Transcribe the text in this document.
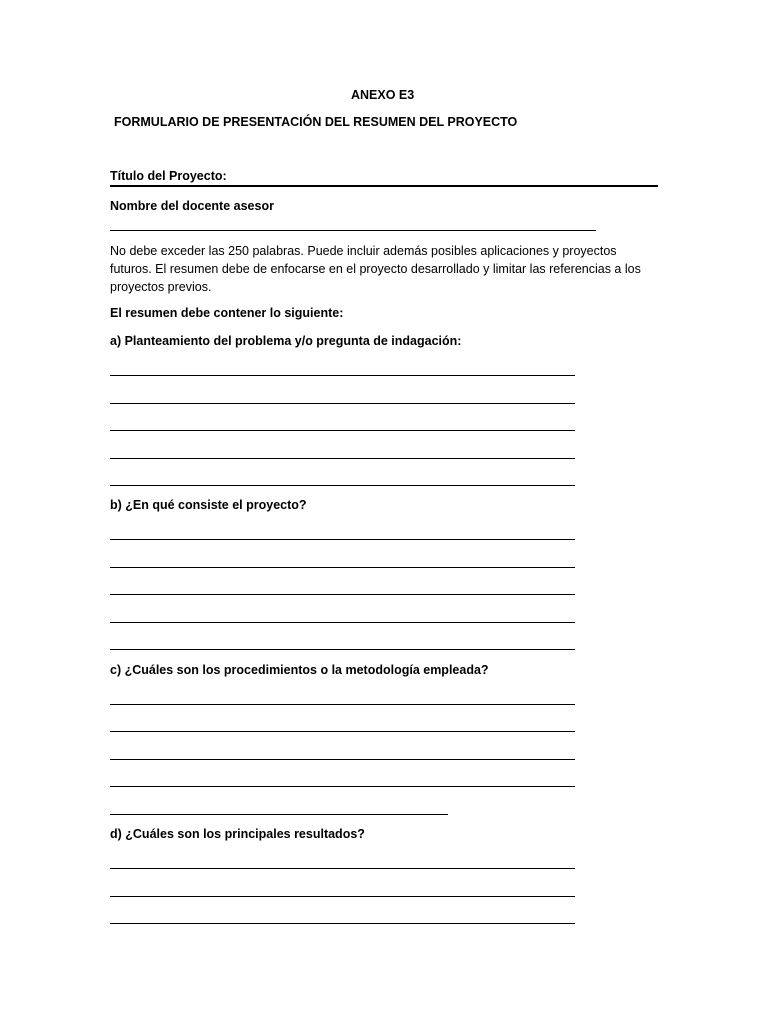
ANEXO E3
FORMULARIO DE PRESENTACIÓN DEL RESUMEN DEL PROYECTO
Título del Proyecto:
Nombre del docente asesor
No debe exceder las 250 palabras. Puede incluir además posibles aplicaciones y proyectos futuros. El resumen debe de enfocarse en el proyecto desarrollado y limitar las referencias a los proyectos previos.
El resumen debe contener lo siguiente:
a) Planteamiento del problema y/o pregunta de indagación:
b) ¿En qué consiste el proyecto?
c) ¿Cuáles son los procedimientos o la metodología empleada?
d) ¿Cuáles son los principales resultados?
